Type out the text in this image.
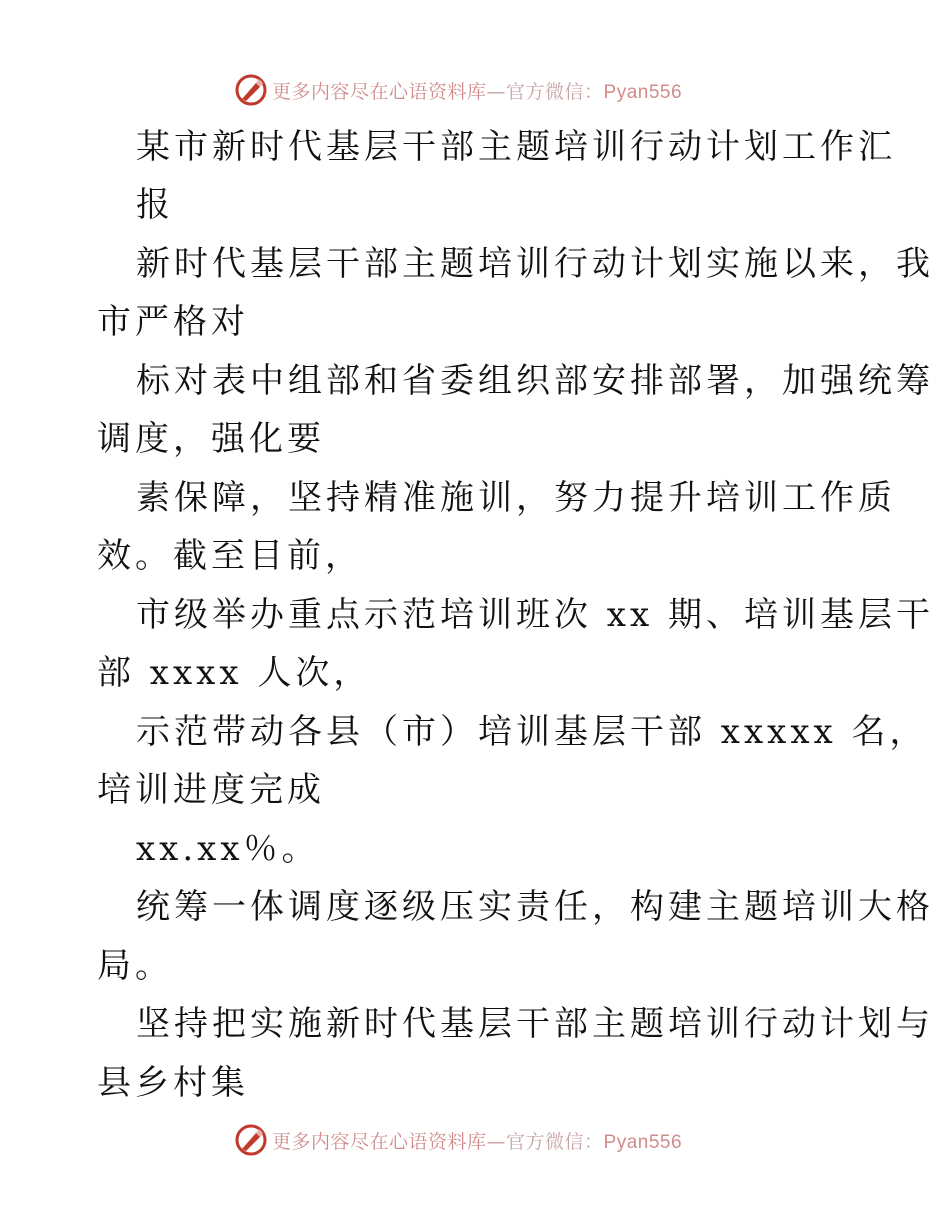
更多内容尽在心语资料库—官方微信：Pyan556
某市新时代基层干部主题培训行动计划工作汇
报
新时代基层干部主题培训行动计划实施以来，我
市严格对
标对表中组部和省委组织部安排部署，加强统筹
调度，强化要
素保障，坚持精准施训，努力提升培训工作质
效。截至目前，
市级举办重点示范培训班次 xx 期、培训基层干
部 xxxx 人次，
示范带动各县（市）培训基层干部 xxxxx 名，
培训进度完成
xx.xx％。
统筹一体调度逐级压实责任，构建主题培训大格
局。
坚持把实施新时代基层干部主题培训行动计划与
县乡村集
更多内容尽在心语资料库—官方微信：Pyan556
